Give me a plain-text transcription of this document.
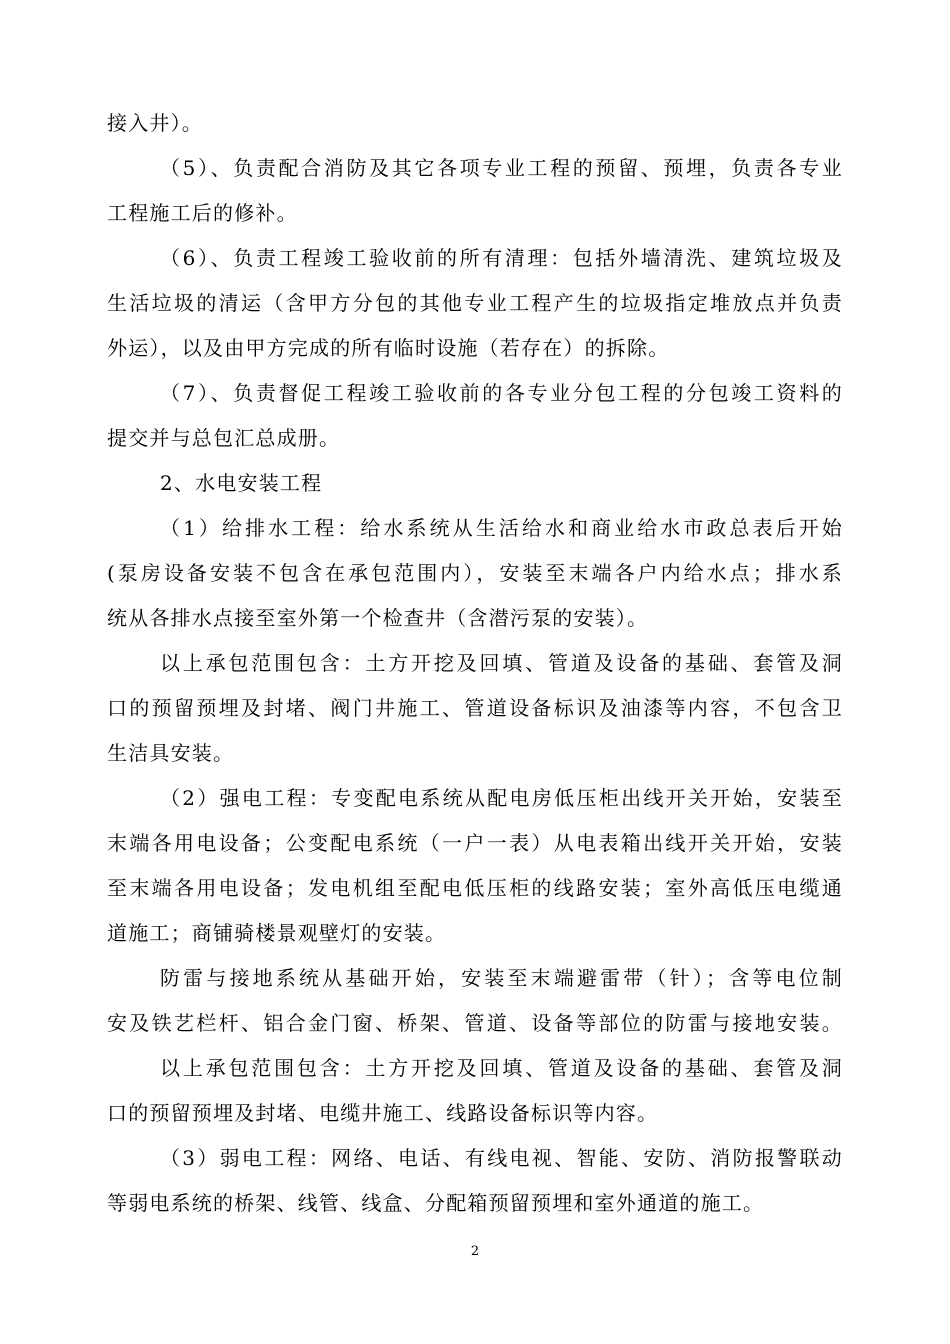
接入井）。
（5）、负责配合消防及其它各项专业工程的预留、预埋，负责各专业
工程施工后的修补。
（6）、负责工程竣工验收前的所有清理：包括外墙清洗、建筑垃圾及
生活垃圾的清运（含甲方分包的其他专业工程产生的垃圾指定堆放点并负责
外运），以及由甲方完成的所有临时设施（若存在）的拆除。
（7）、负责督促工程竣工验收前的各专业分包工程的分包竣工资料的
提交并与总包汇总成册。
2、水电安装工程
（1）给排水工程：给水系统从生活给水和商业给水市政总表后开始
(泵房设备安装不包含在承包范围内），安装至末端各户内给水点；排水系
统从各排水点接至室外第一个检查井（含潜污泵的安装）。
以上承包范围包含：土方开挖及回填、管道及设备的基础、套管及洞
口的预留预埋及封堵、阀门井施工、管道设备标识及油漆等内容，不包含卫
生洁具安装。
（2）强电工程：专变配电系统从配电房低压柜出线开关开始，安装至
末端各用电设备；公变配电系统（一户一表）从电表箱出线开关开始，安装
至末端各用电设备；发电机组至配电低压柜的线路安装；室外高低压电缆通
道施工；商铺骑楼景观壁灯的安装。
防雷与接地系统从基础开始，安装至末端避雷带（针）；含等电位制
安及铁艺栏杆、铝合金门窗、桥架、管道、设备等部位的防雷与接地安装。
以上承包范围包含：土方开挖及回填、管道及设备的基础、套管及洞
口的预留预埋及封堵、电缆井施工、线路设备标识等内容。
（3）弱电工程：网络、电话、有线电视、智能、安防、消防报警联动
等弱电系统的桥架、线管、线盒、分配箱预留预埋和室外通道的施工。
2
